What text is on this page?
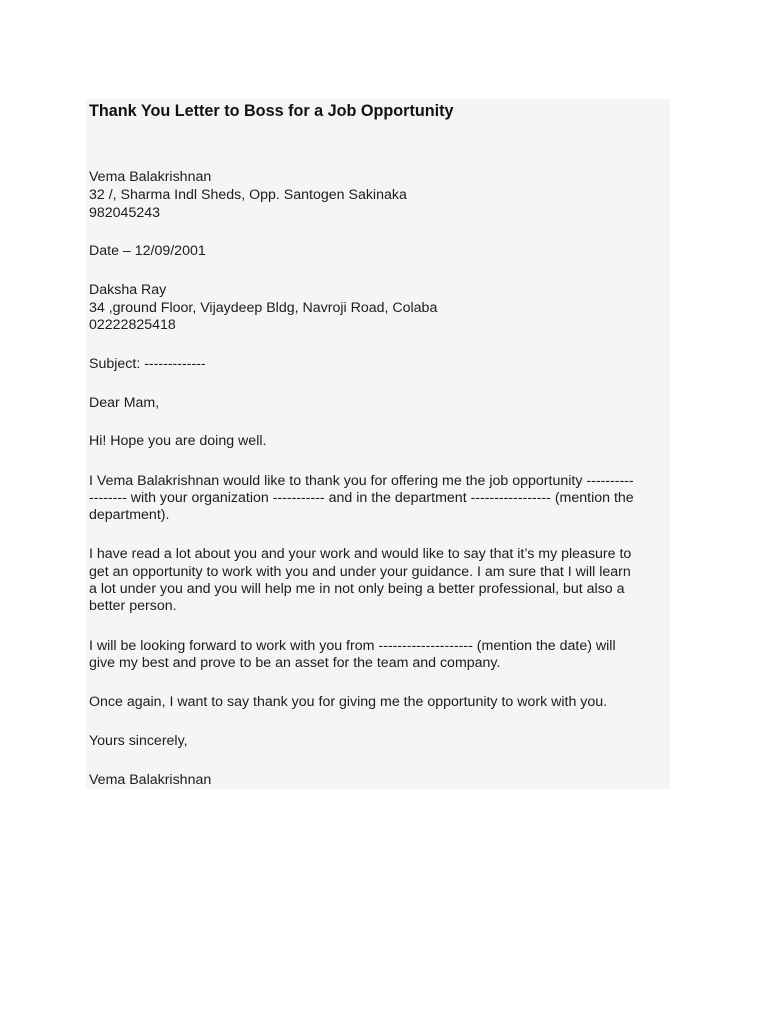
Thank You Letter to Boss for a Job Opportunity
Vema Balakrishnan
32 /, Sharma Indl Sheds, Opp. Santogen Sakinaka
982045243
Date – 12/09/2001
Daksha Ray
34 ,ground Floor, Vijaydeep Bldg, Navroji Road, Colaba
02222825418
Subject: -------------
Dear Mam,
Hi! Hope you are doing well.
I Vema Balakrishnan would like to thank you for offering me the job opportunity ----------
-------- with your organization ----------- and in the department ----------------- (mention the
department).
I have read a lot about you and your work and would like to say that it’s my pleasure to
get an opportunity to work with you and under your guidance. I am sure that I will learn
a lot under you and you will help me in not only being a better professional, but also a
better person.
I will be looking forward to work with you from -------------------- (mention the date) will
give my best and prove to be an asset for the team and company.
Once again, I want to say thank you for giving me the opportunity to work with you.
Yours sincerely,
Vema Balakrishnan
